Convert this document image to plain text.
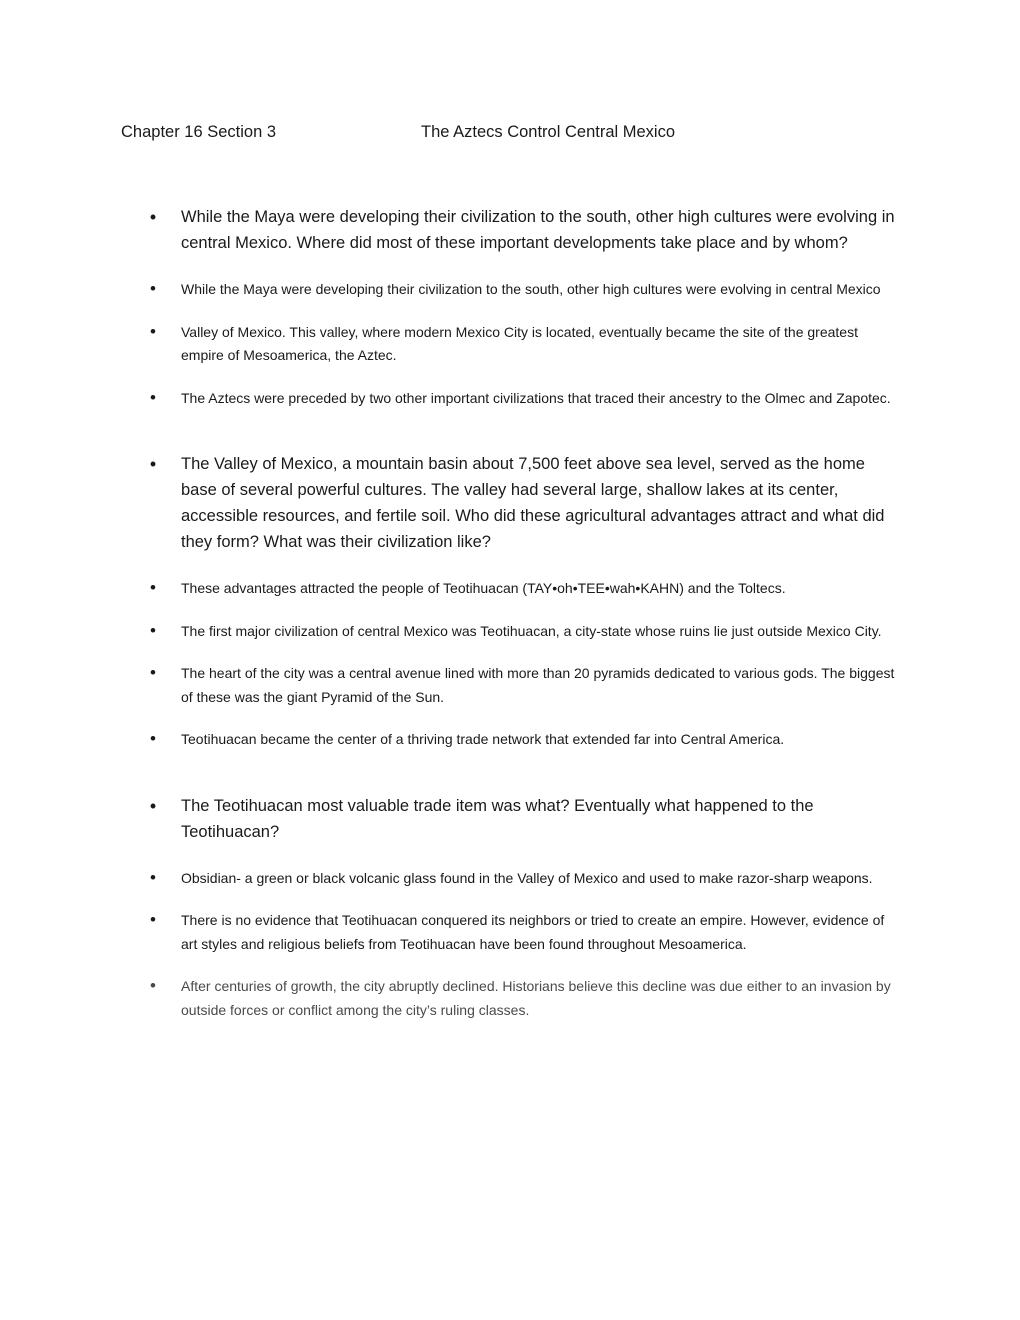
Chapter 16 Section 3	The Aztecs Control Central Mexico
• While the Maya were developing their civilization to the south, other high cultures were evolving in central Mexico. Where did most of these important developments take place and by whom?
• While the Maya were developing their civilization to the south, other high cultures were evolving in central Mexico
• Valley of Mexico. This valley, where modern Mexico City is located, eventually became the site of the greatest empire of Mesoamerica, the Aztec.
• The Aztecs were preceded by two other important civilizations that traced their ancestry to the Olmec and Zapotec.
• The Valley of Mexico, a mountain basin about 7,500 feet above sea level, served as the home base of several powerful cultures. The valley had several large, shallow lakes at its center, accessible resources, and fertile soil. Who did these agricultural advantages attract and what did they form? What was their civilization like?
• These advantages attracted the people of Teotihuacan (TAY•oh•TEE•wah•KAHN) and the Toltecs.
• The first major civilization of central Mexico was Teotihuacan, a city-state whose ruins lie just outside Mexico City.
• The heart of the city was a central avenue lined with more than 20 pyramids dedicated to various gods. The biggest of these was the giant Pyramid of the Sun.
• Teotihuacan became the center of a thriving trade network that extended far into Central America.
• The Teotihuacan most valuable trade item was what? Eventually what happened to the Teotihuacan?
• Obsidian- a green or black volcanic glass found in the Valley of Mexico and used to make razor-sharp weapons.
• There is no evidence that Teotihuacan conquered its neighbors or tried to create an empire. However, evidence of art styles and religious beliefs from Teotihuacan have been found throughout Mesoamerica.
• After centuries of growth, the city abruptly declined. Historians believe this decline was due either to an invasion by outside forces or conflict among the city’s ruling classes.
